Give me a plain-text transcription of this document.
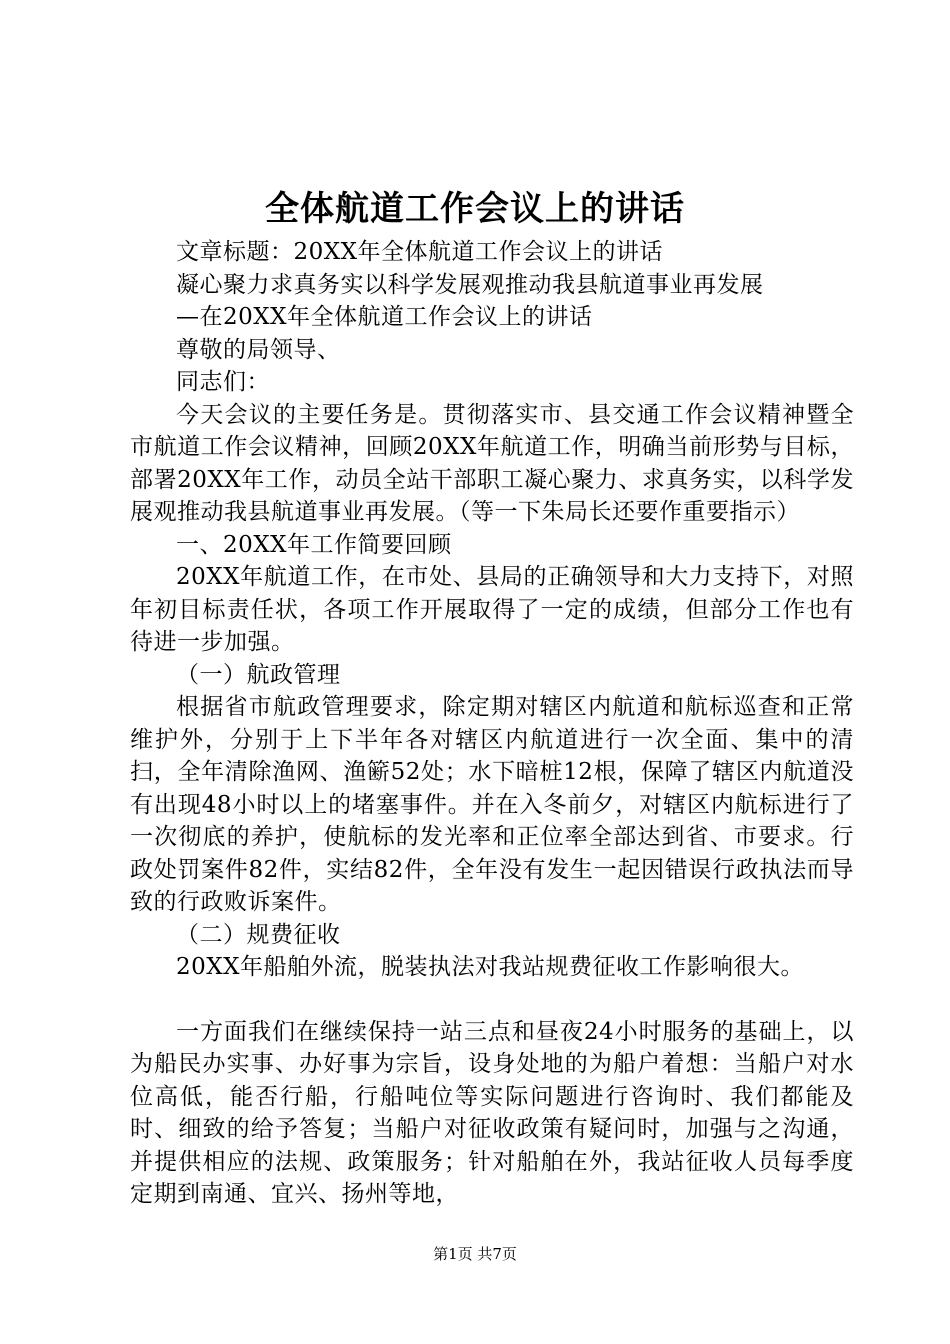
全体航道工作会议上的讲话

文章标题：20XX年全体航道工作会议上的讲话

凝心聚力求真务实以科学发展观推动我县航道事业再发展

—在20XX年全体航道工作会议上的讲话

尊敬的局领导、

同志们：

今天会议的主要任务是。贯彻落实市、县交通工作会议精神暨全市航道工作会议精神，回顾20XX年航道工作，明确当前形势与目标，部署20XX年工作，动员全站干部职工凝心聚力、求真务实，以科学发展观推动我县航道事业再发展。（等一下朱局长还要作重要指示）

一、20XX年工作简要回顾

20XX年航道工作，在市处、县局的正确领导和大力支持下，对照年初目标责任状，各项工作开展取得了一定的成绩，但部分工作也有待进一步加强。

（一）航政管理

根据省市航政管理要求，除定期对辖区内航道和航标巡查和正常维护外，分别于上下半年各对辖区内航道进行一次全面、集中的清扫，全年清除渔网、渔簖52处；水下暗桩12根，保障了辖区内航道没有出现48小时以上的堵塞事件。并在入冬前夕，对辖区内航标进行了一次彻底的养护，使航标的发光率和正位率全部达到省、市要求。行政处罚案件82件，实结82件，全年没有发生一起因错误行政执法而导致的行政败诉案件。

（二）规费征收

20XX年船舶外流，脱装执法对我站规费征收工作影响很大。

一方面我们在继续保持一站三点和昼夜24小时服务的基础上，以为船民办实事、办好事为宗旨，设身处地的为船户着想：当船户对水位高低，能否行船，行船吨位等实际问题进行咨询时、我们都能及时、细致的给予答复；当船户对征收政策有疑问时，加强与之沟通，并提供相应的法规、政策服务；针对船舶在外，我站征收人员每季度定期到南通、宜兴、扬州等地，

第1页 共7页
